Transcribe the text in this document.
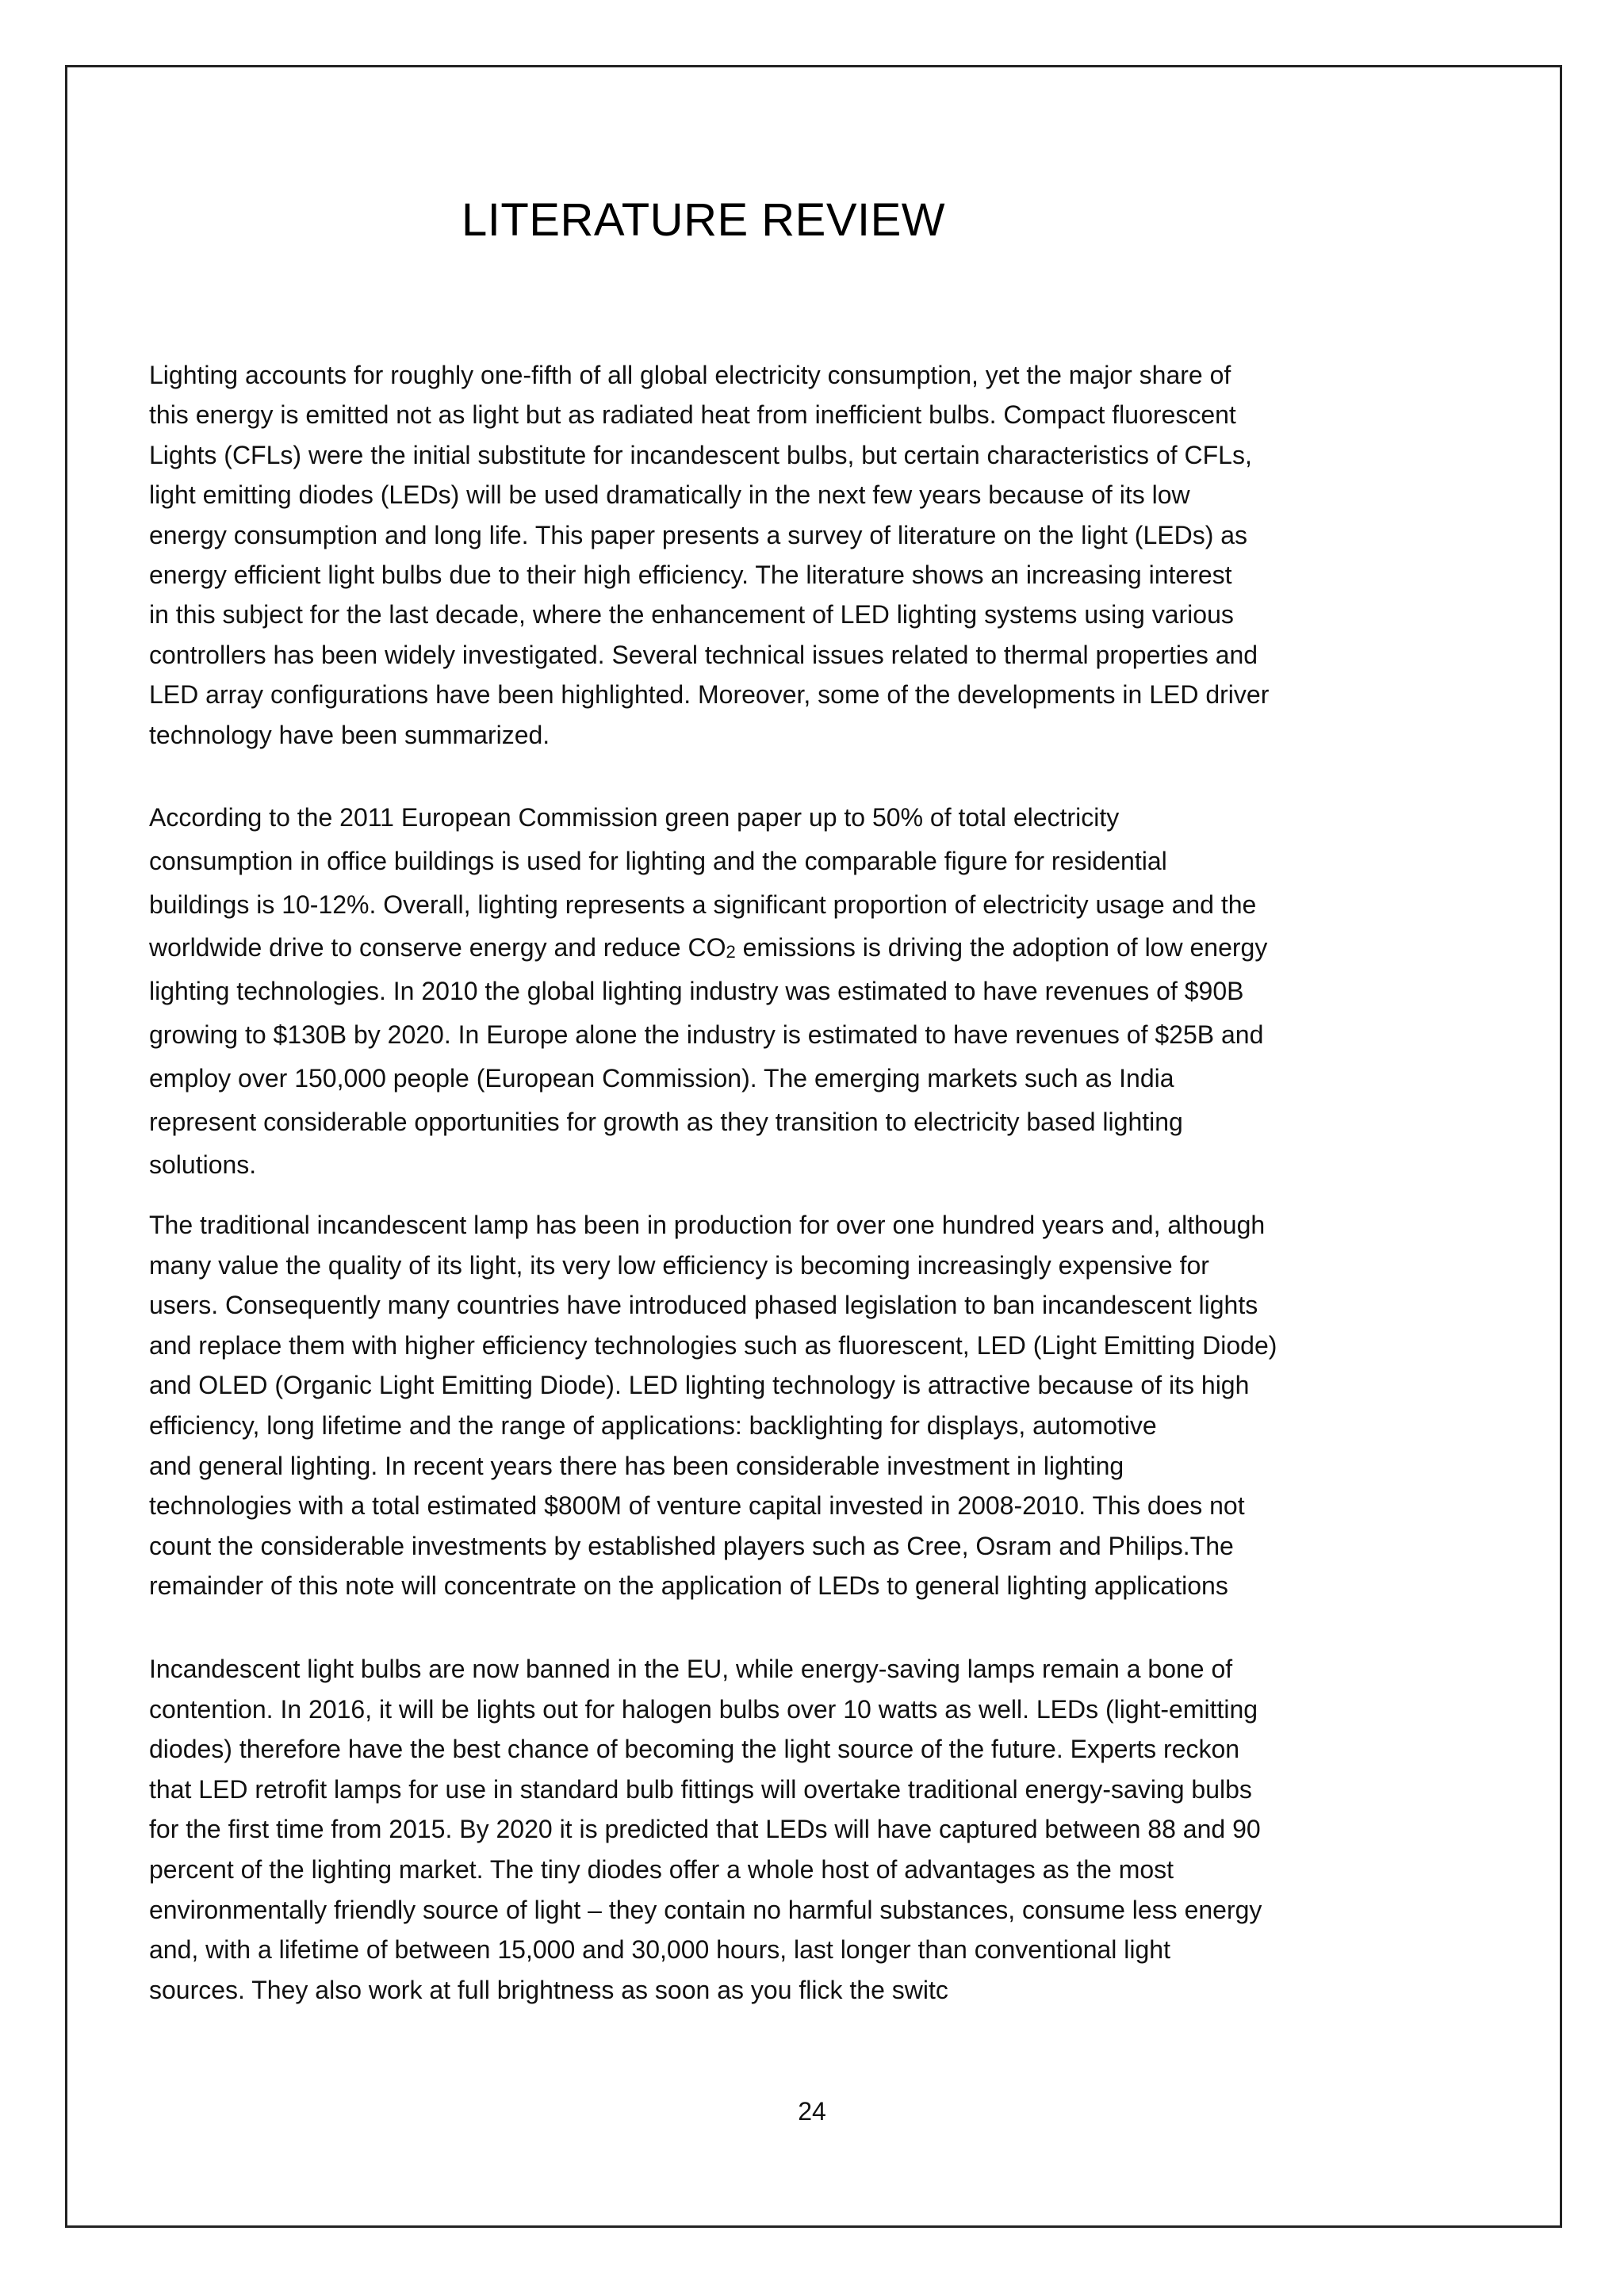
LITERATURE REVIEW
Lighting accounts for roughly one-fifth of all global electricity consumption, yet the major share of
this energy is emitted not as light but as radiated heat from inefficient bulbs. Compact fluorescent
Lights (CFLs) were the initial substitute for incandescent bulbs, but certain characteristics of CFLs,
light emitting diodes (LEDs) will be used dramatically in the next few years because of its low
energy consumption and long life. This paper presents a survey of literature on the light (LEDs) as
energy efficient light bulbs due to their high efficiency. The literature shows an increasing interest
in this subject for the last decade, where the enhancement of LED lighting systems using various
controllers has been widely investigated. Several technical issues related to thermal properties and
LED array configurations have been highlighted. Moreover, some of the developments in LED driver
technology have been summarized.
According to the 2011 European Commission green paper up to 50% of total electricity
consumption in office buildings is used for lighting and the comparable figure for residential
buildings is 10-12%. Overall, lighting represents a significant proportion of electricity usage and the
worldwide drive to conserve energy and reduce $CO_2$ emissions is driving the adoption of low energy
lighting technologies. In 2010 the global lighting industry was estimated to have revenues of $90B
growing to $130B by 2020. In Europe alone the industry is estimated to have revenues of $25B and
employ over 150,000 people (European Commission). The emerging markets such as India
represent considerable opportunities for growth as they transition to electricity based lighting
solutions.
The traditional incandescent lamp has been in production for over one hundred years and, although
many value the quality of its light, its very low efficiency is becoming increasingly expensive for
users. Consequently many countries have introduced phased legislation to ban incandescent lights
and replace them with higher efficiency technologies such as fluorescent, LED (Light Emitting Diode)
and OLED (Organic Light Emitting Diode). LED lighting technology is attractive because of its high
efficiency, long lifetime and the range of applications: backlighting for displays, automotive
and general lighting. In recent years there has been considerable investment in lighting
technologies with a total estimated $800M of venture capital invested in 2008-2010. This does not
count the considerable investments by established players such as Cree, Osram and Philips.The
remainder of this note will concentrate on the application of LEDs to general lighting applications
Incandescent light bulbs are now banned in the EU, while energy-saving lamps remain a bone of
contention. In 2016, it will be lights out for halogen bulbs over 10 watts as well. LEDs (light-emitting
diodes) therefore have the best chance of becoming the light source of the future. Experts reckon
that LED retrofit lamps for use in standard bulb fittings will overtake traditional energy-saving bulbs
for the first time from 2015. By 2020 it is predicted that LEDs will have captured between 88 and 90
percent of the lighting market. The tiny diodes offer a whole host of advantages as the most
environmentally friendly source of light – they contain no harmful substances, consume less energy
and, with a lifetime of between 15,000 and 30,000 hours, last longer than conventional light
sources. They also work at full brightness as soon as you flick the switc
24
